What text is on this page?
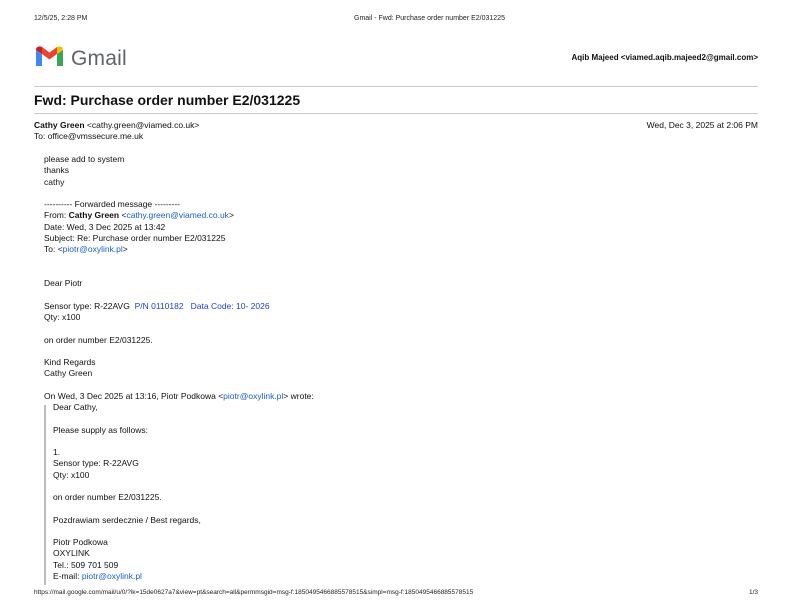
12/5/25, 2:28 PM	Gmail - Fwd: Purchase order number E2/031225
Gmail	Aqib Majeed <viamed.aqib.majeed2@gmail.com>
Fwd: Purchase order number E2/031225
Cathy Green <cathy.green@viamed.co.uk>	Wed, Dec 3, 2025 at 2:06 PM
To: office@vmssecure.me.uk
please add to system
thanks
cathy
---------- Forwarded message ---------
From: Cathy Green <cathy.green@viamed.co.uk>
Date: Wed, 3 Dec 2025 at 13:42
Subject: Re: Purchase order number E2/031225
To: <piotr@oxylink.pl>
Dear Piotr
Sensor type: R-22AVG P/N 0110182 Data Code: 10- 2026
Qty: x100
on order number E2/031225.
Kind Regards
Cathy Green
On Wed, 3 Dec 2025 at 13:16, Piotr Podkowa <piotr@oxylink.pl> wrote:
Dear Cathy,
Please supply as follows:
1.
Sensor type: R-22AVG
Qty: x100
on order number E2/031225.
Pozdrawiam serdecznie / Best regards,
Piotr Podkowa
OXYLINK
Tel.: 509 701 509
E-mail: piotr@oxylink.pl
https://mail.google.com/mail/u/0/?ik=15de0627a7&view=pt&search=all&permmsgid=msg-f:1850495466885578515&simpl=msg-f:1850495466885578515	1/3
